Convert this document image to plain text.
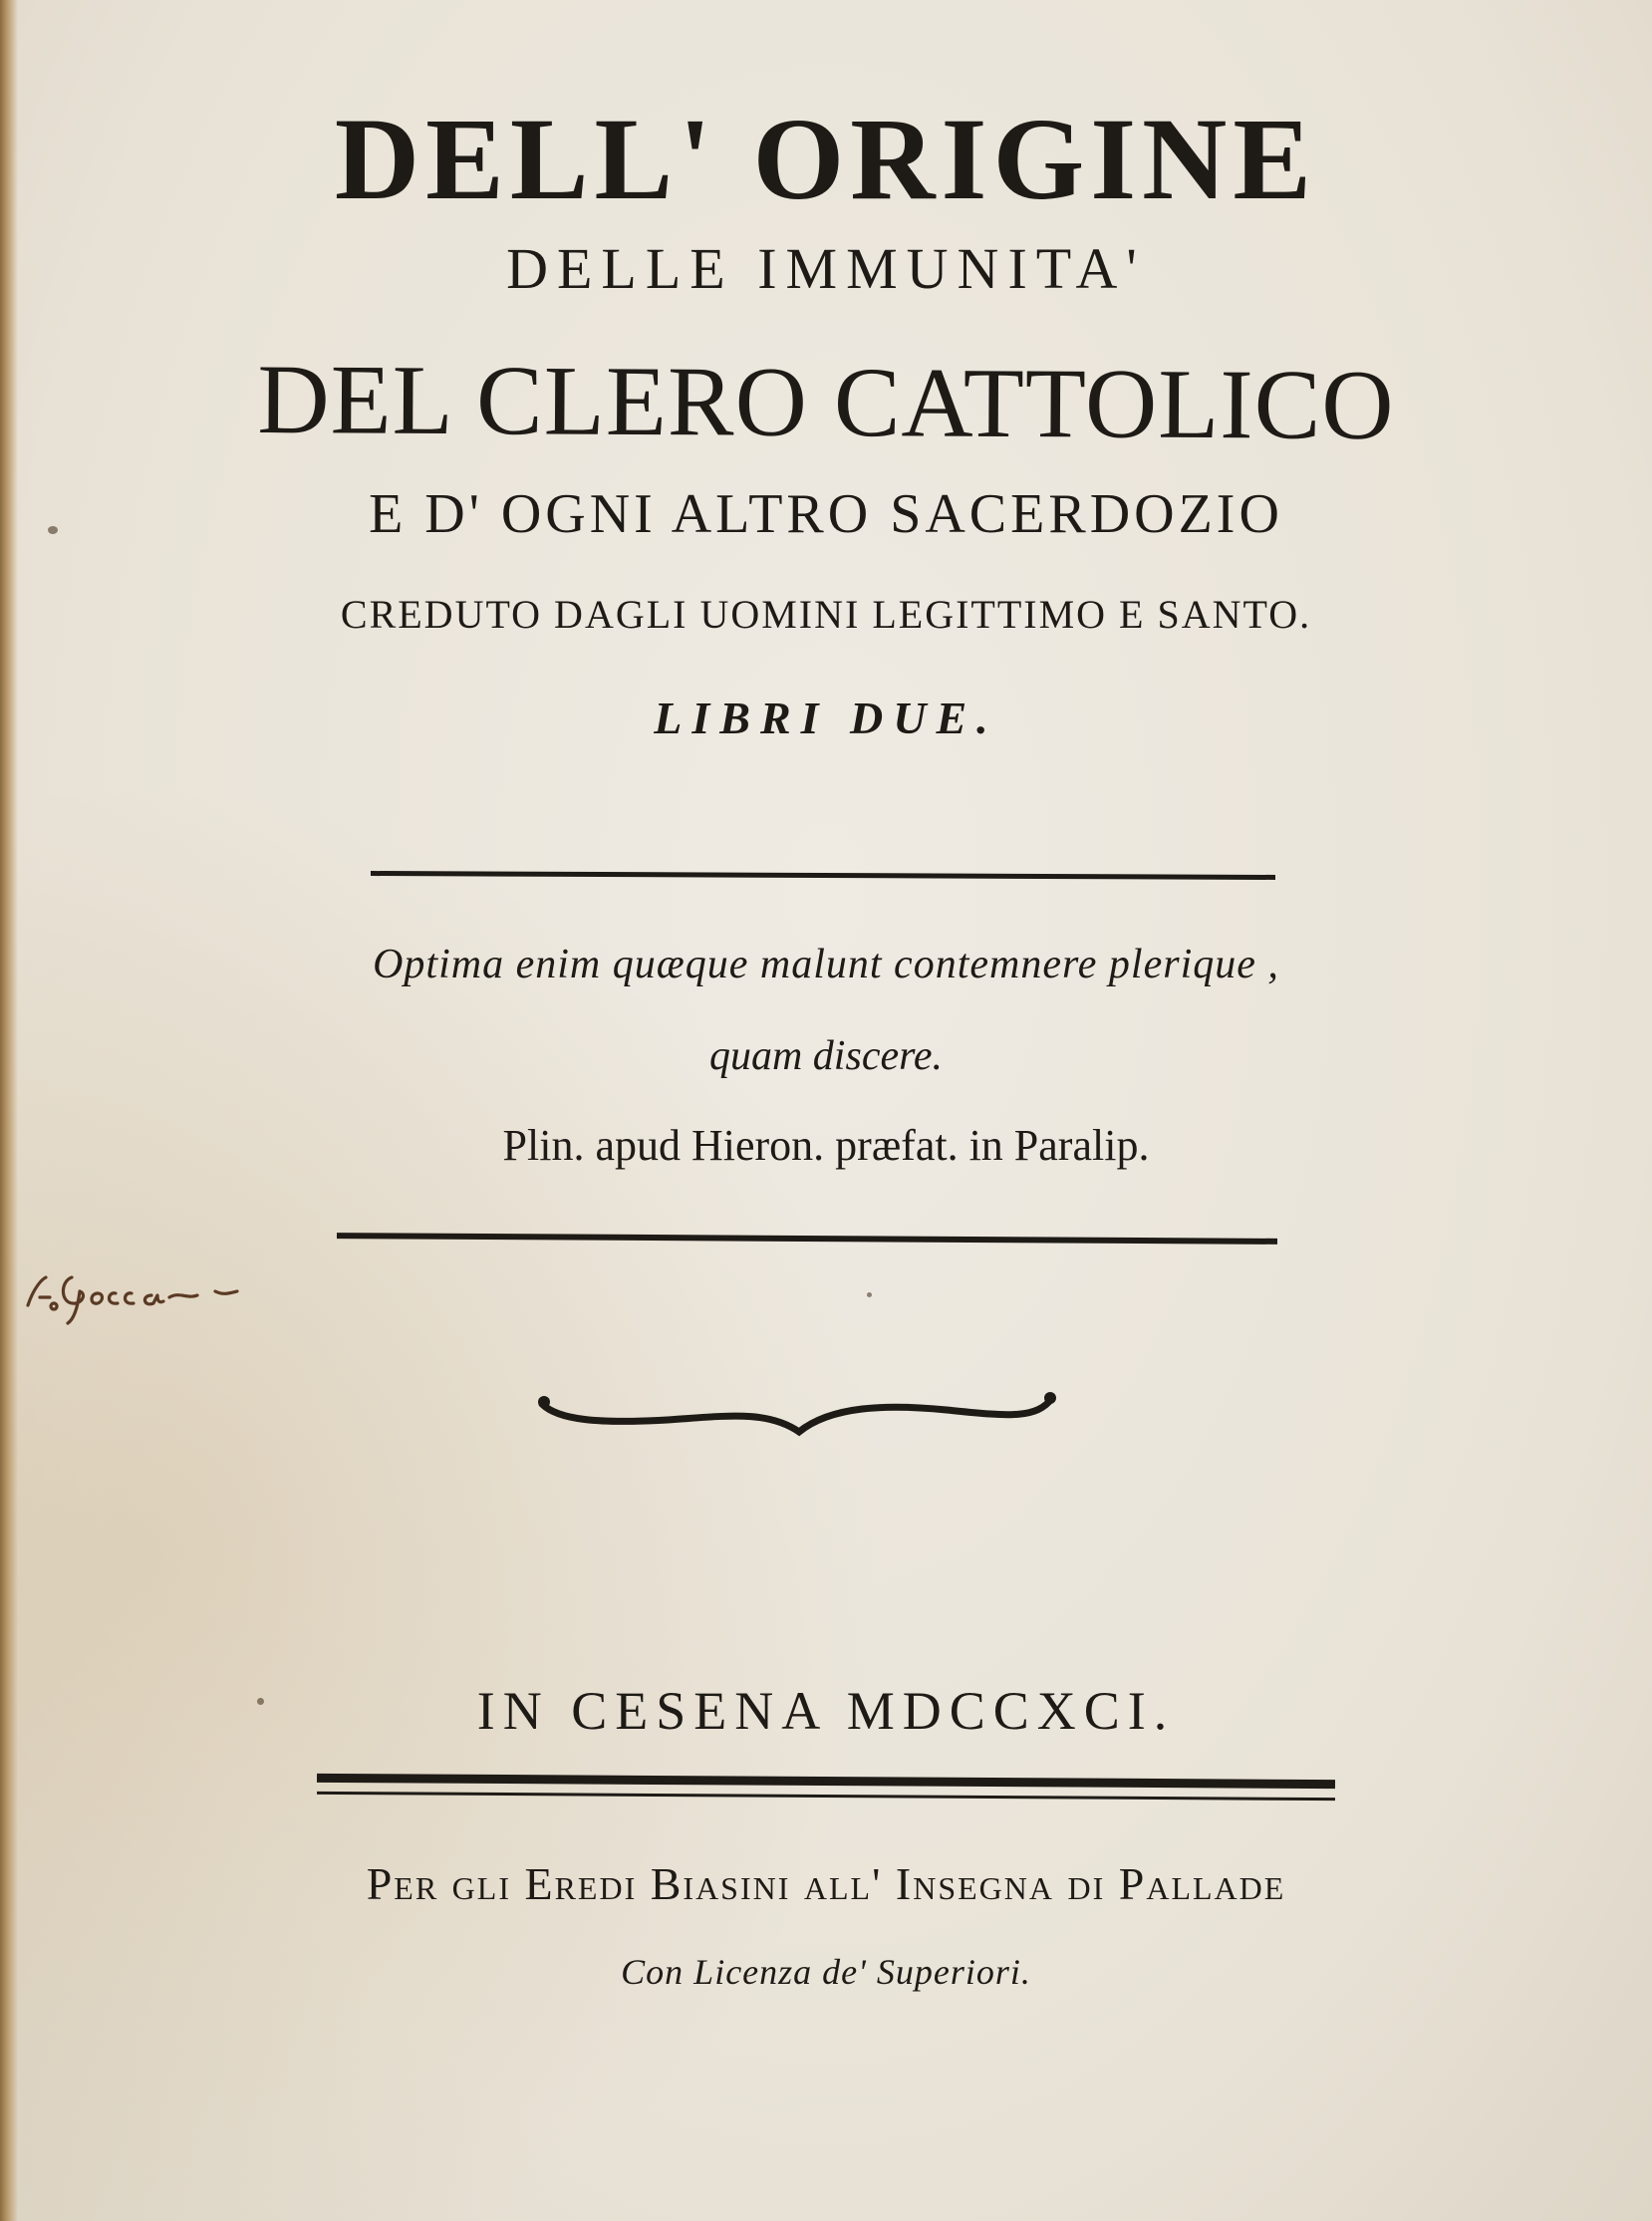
DELL' ORIGINE
DELLE IMMUNITA'
DEL CLERO CATTOLICO
E D' OGNI ALTRO SACERDOZIO
CREDUTO DAGLI UOMINI LEGITTIMO E SANTO.
LIBRI DUE.
Optima enim quæque malunt contemnere plerique ,
quam discere.
Plin. apud Hieron. præfat. in Paralip.
IN CESENA MDCCXCI.
Per gli Eredi Biasini all' Insegna di Pallade
Con Licenza de' Superiori.
